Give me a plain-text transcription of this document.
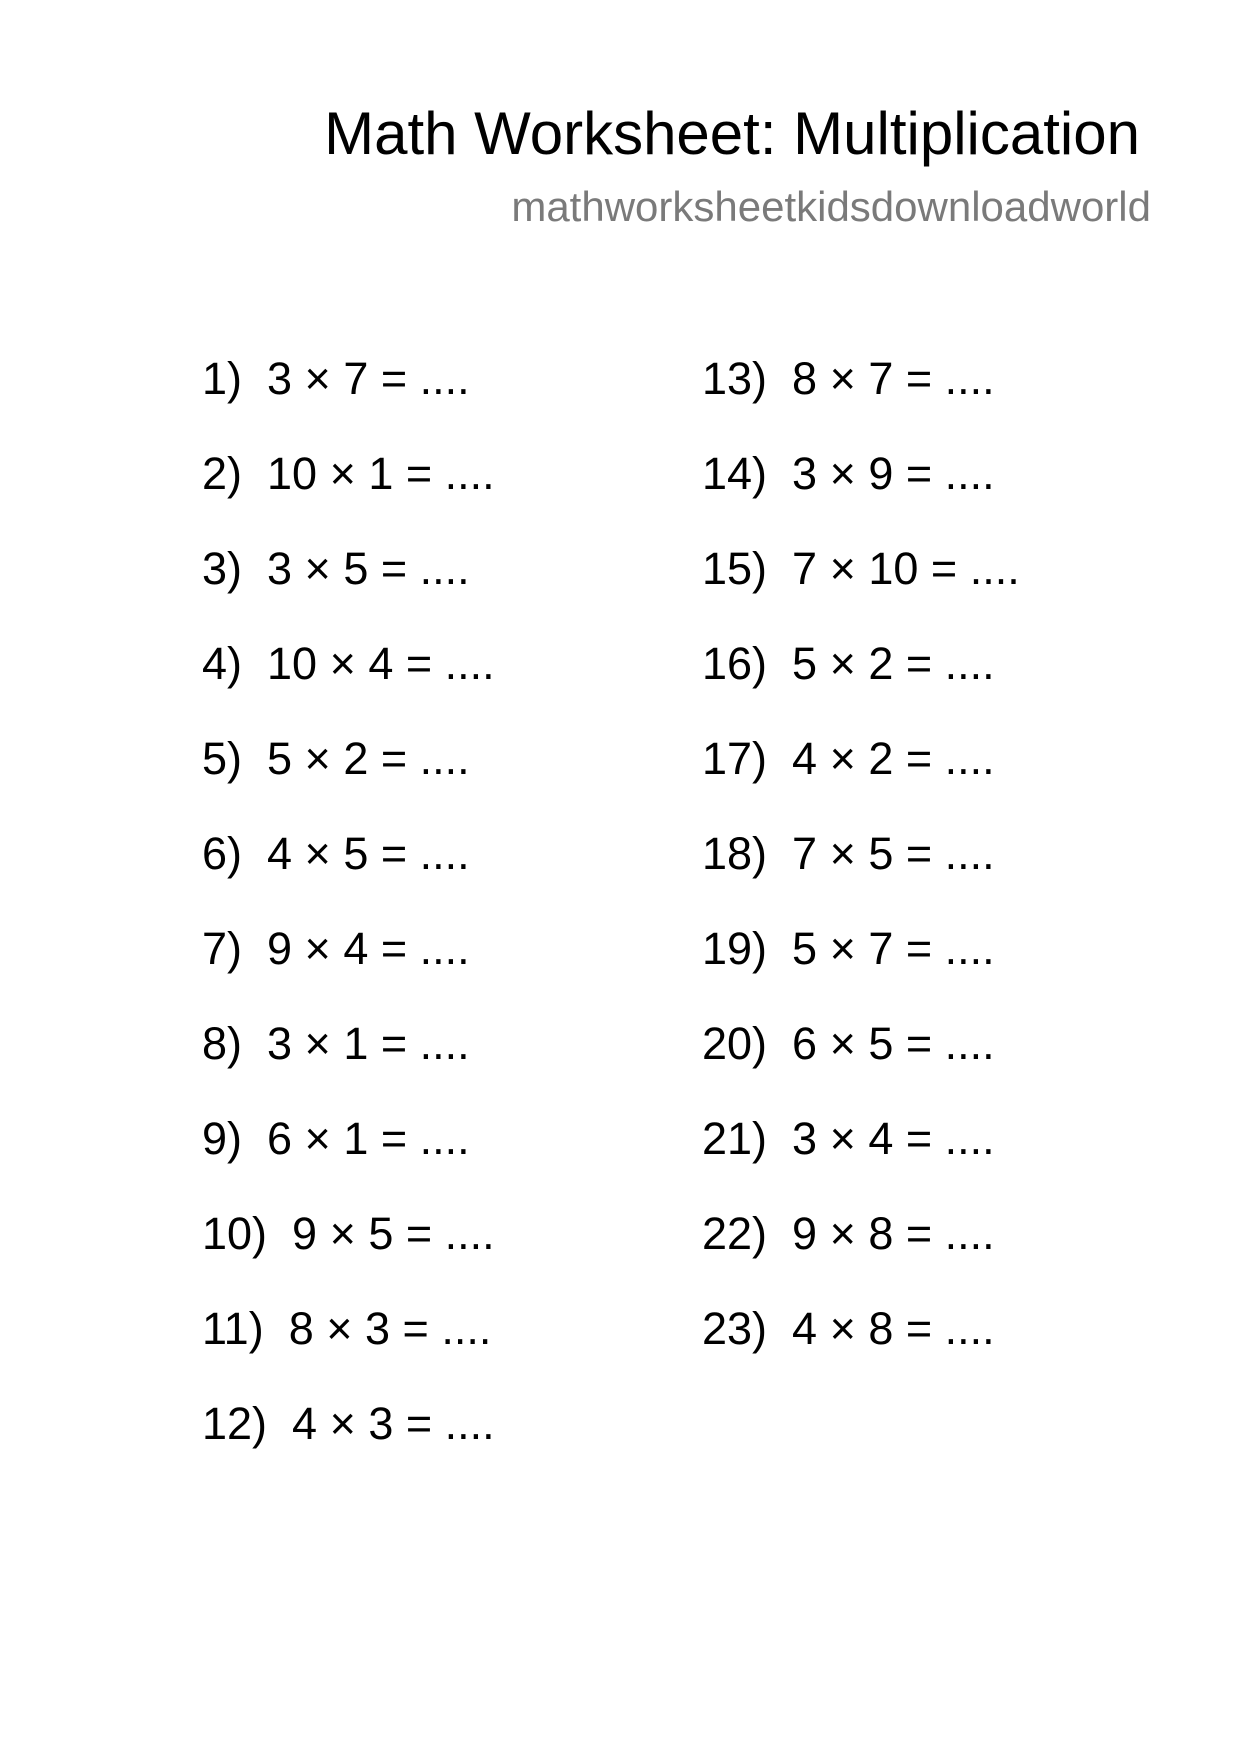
Math Worksheet: Multiplication
mathworksheetkidsdownloadworld
1) 3 × 7 = ....
2) 10 × 1 = ....
3) 3 × 5 = ....
4) 10 × 4 = ....
5) 5 × 2 = ....
6) 4 × 5 = ....
7) 9 × 4 = ....
8) 3 × 1 = ....
9) 6 × 1 = ....
10) 9 × 5 = ....
11) 8 × 3 = ....
12) 4 × 3 = ....
13) 8 × 7 = ....
14) 3 × 9 = ....
15) 7 × 10 = ....
16) 5 × 2 = ....
17) 4 × 2 = ....
18) 7 × 5 = ....
19) 5 × 7 = ....
20) 6 × 5 = ....
21) 3 × 4 = ....
22) 9 × 8 = ....
23) 4 × 8 = ....
